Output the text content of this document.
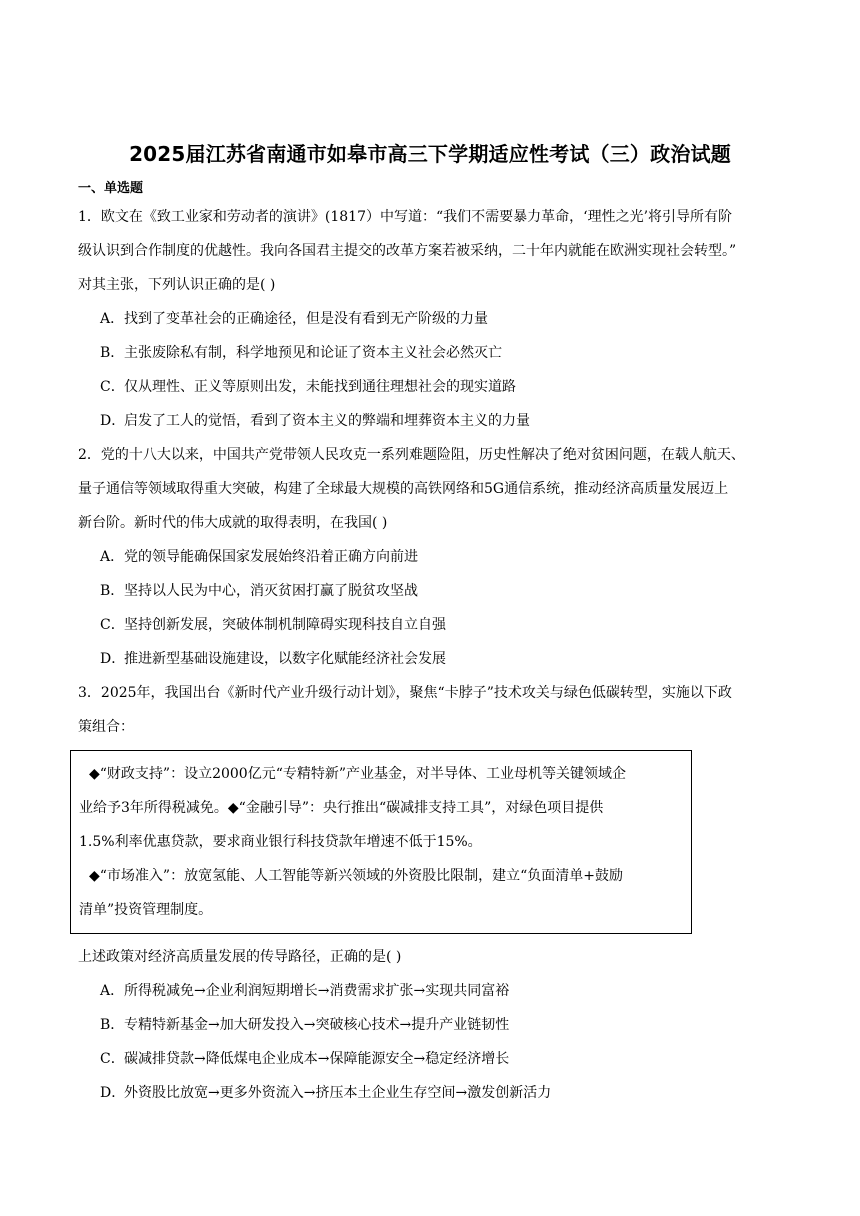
2025届江苏省南通市如皋市高三下学期适应性考试（三）政治试题
一、单选题
1．欧文在《致工业家和劳动者的演讲》(1817）中写道：“我们不需要暴力革命，‘理性之光’将引导所有阶
级认识到合作制度的优越性。我向各国君主提交的改革方案若被采纳，二十年内就能在欧洲实现社会转型。”
对其主张，下列认识正确的是( )
A．找到了变革社会的正确途径，但是没有看到无产阶级的力量
B．主张废除私有制，科学地预见和论证了资本主义社会必然灭亡
C．仅从理性、正义等原则出发，未能找到通往理想社会的现实道路
D．启发了工人的觉悟，看到了资本主义的弊端和埋葬资本主义的力量
2．党的十八大以来，中国共产党带领人民攻克一系列难题险阻，历史性解决了绝对贫困问题，在载人航天、
量子通信等领域取得重大突破，构建了全球最大规模的高铁网络和5G通信系统，推动经济高质量发展迈上
新台阶。新时代的伟大成就的取得表明，在我国( )
A．党的领导能确保国家发展始终沿着正确方向前进
B．坚持以人民为中心，消灭贫困打赢了脱贫攻坚战
C．坚持创新发展，突破体制机制障碍实现科技自立自强
D．推进新型基础设施建设，以数字化赋能经济社会发展
3．2025年，我国出台《新时代产业升级行动计划》，聚焦“卡脖子”技术攻关与绿色低碳转型，实施以下政
策组合：
◆“财政支持”：设立2000亿元“专精特新”产业基金，对半导体、工业母机等关键领域企
业给予3年所得税减免。◆“金融引导”：央行推出“碳减排支持工具”，对绿色项目提供
1.5%利率优惠贷款，要求商业银行科技贷款年增速不低于15%。
◆“市场准入”：放宽氢能、人工智能等新兴领域的外资股比限制，建立“负面清单+鼓励
清单”投资管理制度。
上述政策对经济高质量发展的传导路径，正确的是( )
A．所得税减免→企业利润短期增长→消费需求扩张→实现共同富裕
B．专精特新基金→加大研发投入→突破核心技术→提升产业链韧性
C．碳减排贷款→降低煤电企业成本→保障能源安全→稳定经济增长
D．外资股比放宽→更多外资流入→挤压本土企业生存空间→激发创新活力
